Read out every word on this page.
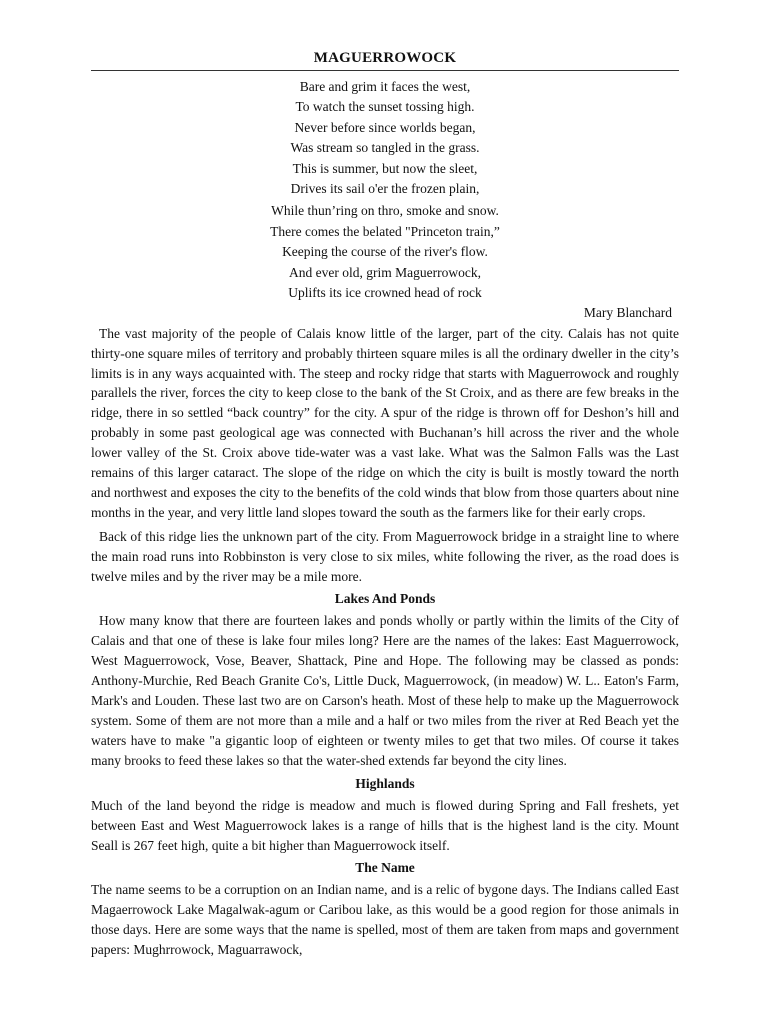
MAGUERROWOCK
Bare and grim it faces the west,
To watch the sunset tossing high.
Never before since worlds began,
Was stream so tangled in the grass.
This is summer, but now the sleet,
Drives its sail o'er the frozen plain,
While thun’ring on thro, smoke and snow.
There comes the belated "Princeton train,”
Keeping the course of the river's flow.
And ever old, grim Maguerrowock,
Uplifts its ice crowned head of rock
Mary Blanchard

The vast majority of the people of Calais know little of the larger, part of the city. Calais has not quite thirty-one square miles of territory and probably thirteen square miles is all the ordinary dweller in the city’s limits is in any ways acquainted with. The steep and rocky ridge that starts with Maguerrowock and roughly parallels the river, forces the city to keep close to the bank of the St Croix, and as there are few breaks in the ridge, there in so settled “back country” for the city. A spur of the ridge is thrown off for Deshon’s hill and probably in some past geological age was connected with Buchanan’s hill across the river and the whole lower valley of the St. Croix above tide-water was a vast lake. What was the Salmon Falls was the Last remains of this larger cataract. The slope of the ridge on which the city is built is mostly toward the north and northwest and exposes the city to the benefits of the cold winds that blow from those quarters about nine months in the year, and very little land slopes toward the south as the farmers like for their early crops.

Back of this ridge lies the unknown part of the city. From Maguerrowock bridge in a straight line to where the main road runs into Robbinston is very close to six miles, white following the river, as the road does is twelve miles and by the river may be a mile more.

Lakes And Ponds

How many know that there are fourteen lakes and ponds wholly or partly within the limits of the City of Calais and that one of these is lake four miles long? Here are the names of the lakes: East Maguerrowock, West Maguerrowock, Vose, Beaver, Shattack, Pine and Hope. The following may be classed as ponds: Anthony-Murchie, Red Beach Granite Co's, Little Duck, Maguerrowock, (in meadow) W. L.. Eaton's Farm, Mark's and Louden. These last two are on Carson's heath. Most of these help to make up the Maguerrowock system. Some of them are not more than a mile and a half or two miles from the river at Red Beach yet the waters have to make "a gigantic loop of eighteen or twenty miles to get that two miles. Of course it takes many brooks to feed these lakes so that the water-shed extends far beyond the city lines.

Highlands

Much of the land beyond the ridge is meadow and much is flowed during Spring and Fall freshets, yet between East and West Maguerrowock lakes is a range of hills that is the highest land is the city. Mount Seall is 267 feet high, quite a bit higher than Maguerrowock itself.

The Name

The name seems to be a corruption on an Indian name, and is a relic of bygone days. The Indians called East Magaerrowock Lake Magalwak-agum or Caribou lake, as this would be a good region for those animals in those days. Here are some ways that the name is spelled, most of them are taken from maps and government papers: Mughrrowock, Maguarrawock,
